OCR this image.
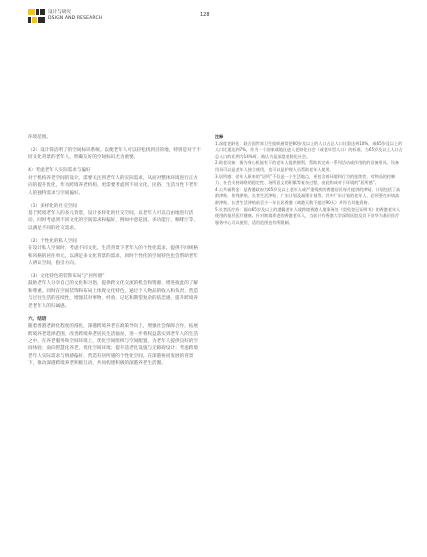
设计与研究
DSIGN AND RESEARCH
128

环境范围。

（2）设计简洁明了的空间标识系统。以便老年人可以轻松找到目的地，特别是对于不同文化背景的老年人，明确友好的空间标识尤为重要。

4）考虑老年人实际需求与偏好

对于机构养老空间的设计，需要关注到老年人的实际需求，从而对整体环境进行正方向的提升优化，作为跨境养老机构，更需要考虑到不同文化、民俗，生活习性下老年人的独特需求与空间偏好。

（1）多样化的社交空间

基于跨境老年人的多元背景，设计多样化的社交空间，以老年人可以自由地进行活动，同时考虑到不同文化的空间需求和偏好，例如中意花园、多功能厅、咖啡厅等，以满足不同的社交需求。

（2）个性化的私人空间

在设计私人空间时，考虑不同文化、生活背景下老年人的个性化需求，提供不同规格和风格的居住单元，以满足多文化背景的需求，同时个性化的空间特色也会帮助老年人辨认空间，指引方向。

（3）文化特色的装饰布局与“居所感”

鼓励老年人分享自己的文化和习俗，提供跨文化交流的机会和资源，增进彼此的了解和尊重。同时在空间装饰和布局上体现文化特色，通过个人物品的收入和负责，营造与过往生活的连续性，增强其对事物、经验、记忆和期望复杂的依恋感，提升跨境养老老年人的归属感。

六、结语

随着香港老龄化程度的漫化，深港跨境养老在政策导向上，增强社会保障合作，拓展跨境养老选择范围，改善跨境养老居民生活福祉，进一步将权益落实到老年人的生活之中。在养老服务和空间环境上，优化空间组织与空间配置，为老年人提供良好的空间体验；面向智慧化养老，优化空间环境；提升适老化设施与无障碍设计；考虑跨境老年人实际需求与情感偏好，营造有居所感的个性化空间。在深港协同发展的背景下，推动深港跨境养老积极互动，共同构建积极的深港养老生活圈。

注释

1.深度老龄化：联合国世界卫生组织通常把60岁及以上的人口占总人口比重达到10%，或65岁及以上的人口比重达到7%，作为一个国家或地区进入老龄化社会（或老年型人口）的标准。当65岁及以上人口占总人口的比例为14%时，被认为是深度老龄化社会。

2.助老设备：指为身心机能有下的老年人提供便利，帮助其完成一系列活动或作用的的设备用具。设备用具可以是老年人独立使用，也可以是护理人员帮助老年人使用。

3.居所感：老年人原来的“居所”不仅是一个生活地点，更包含着环境和行为的连续性、对物品的控制力、社会支持网络的稳定性、场所意义的积累等复杂过程，由此构成对于环境的“居所感”。

4.公共福利金：是香港政府为65岁及以上老年人或严重残疾的香港居民每月提供的津贴。计划包括了高龄津贴、伤残津贴、长者生活津贴、广东计划及福建计划等。其中广东计划的老年人，必须要在申请高龄津贴、长者生活津贴前至少一年长居香港（离港天数不超过90天）并符合其他资格。

5.长者医疗券：面向65岁及以上的港籍老年人或跨境香港人境事务处《契免登记证明书》的香港老年人使用的基层医疗健康。针对跨境养老的香港老年人，当前只有香港大学深圳医院及其下设华为基层医疗服务中心可以使用，适用范围也有所限制。
